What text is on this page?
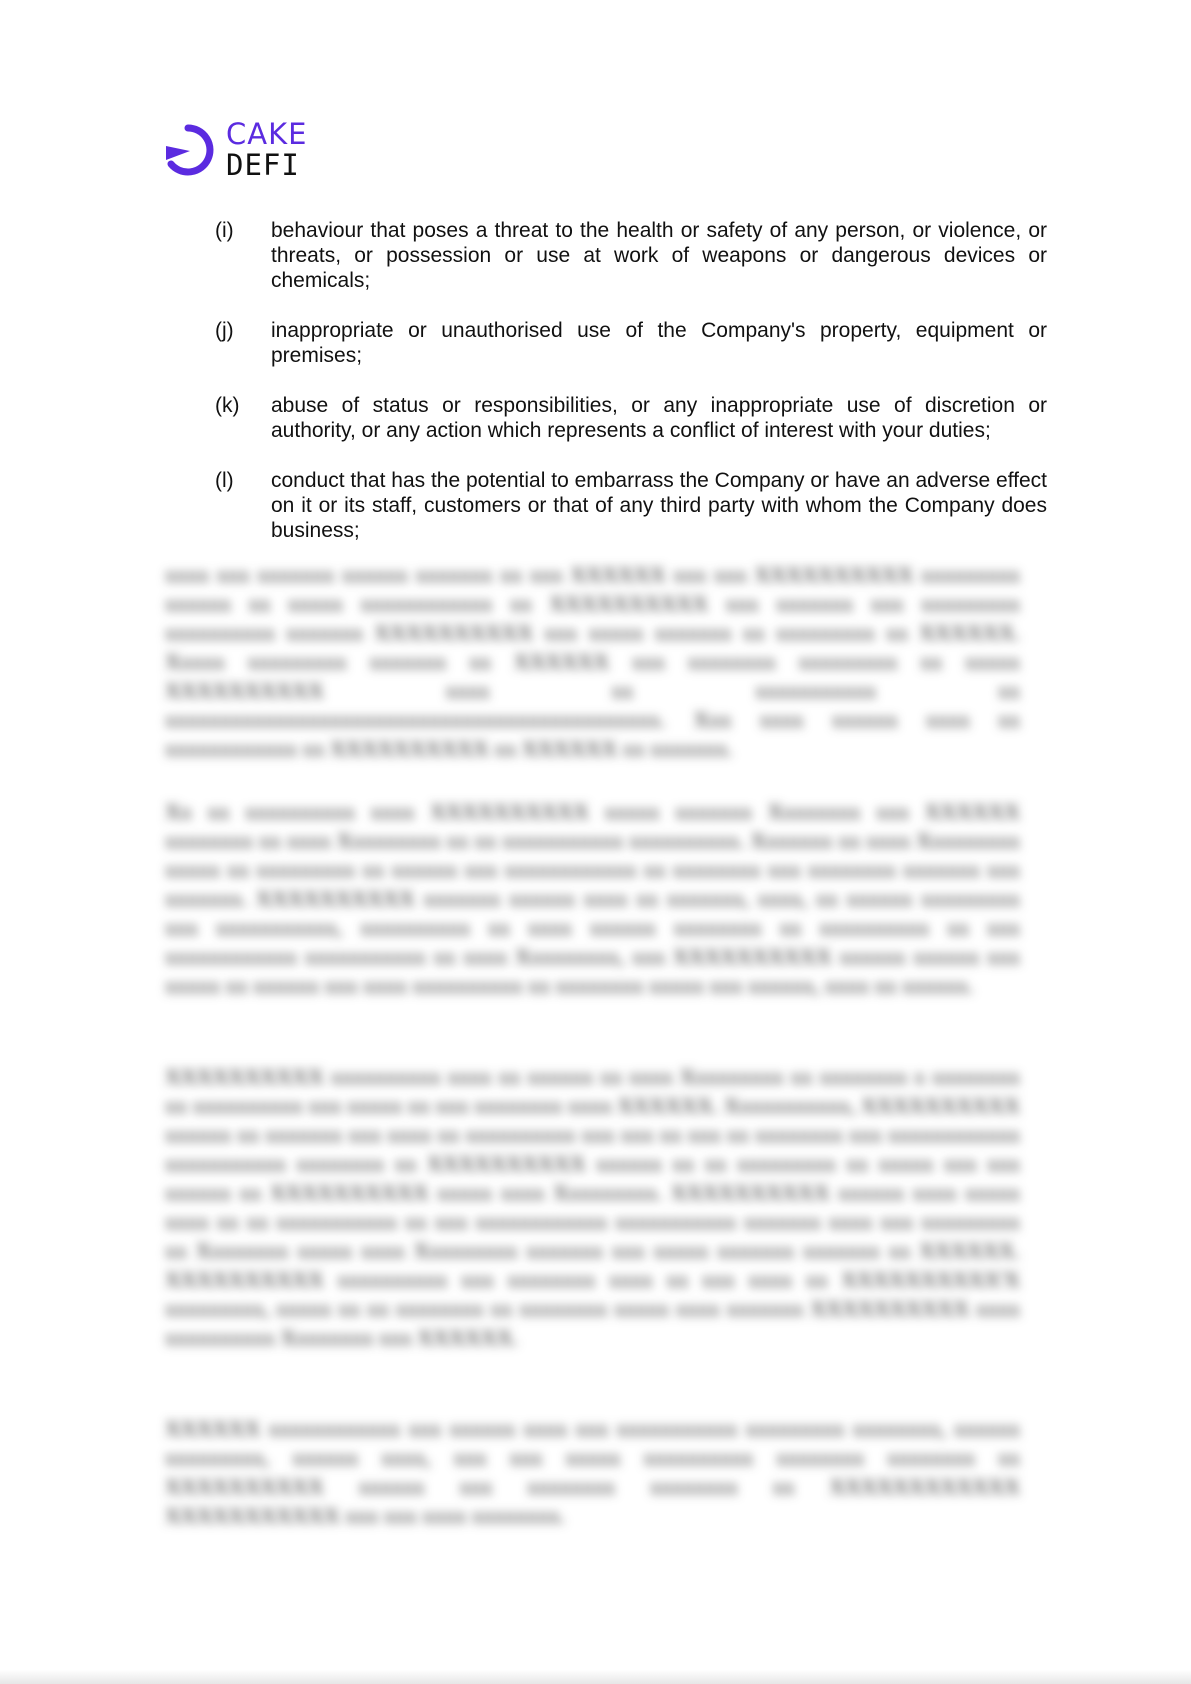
CAKE
DEFI
(i)	behaviour that poses a threat to the health or safety of any person, or violence, or threats, or possession or use at work of weapons or dangerous devices or chemicals;
(j)	inappropriate or unauthorised use of the Company's property, equipment or premises;
(k)	abuse of status or responsibilities, or any inappropriate use of discretion or authority, or any action which represents a conflict of interest with your duties;
(l)	conduct that has the potential to embarrass the Company or have an adverse effect on it or its staff, customers or that of any third party with whom the Company does business;

xxxx xxx xxxxxxx xxxxxx xxxxxxx xx xxx XXXXXX xxx xxx XXXXXXXXXX xxxxxxxxx xxxxxx xx xxxxx xxxxxxxxxxxx xx XXXXXXXXXX xxx xxxxxxx xxx xxxxxxxxx xxxxxxxxxx xxxxxxx XXXXXXXXXX xxx xxxxx xxxxxxx xx xxxxxxxxx xx XXXXXX. Xxxxx xxxxxxxxx xxxxxxx xx XXXXXX xxx xxxxxxxx xxxxxxxxx xx xxxxx XXXXXXXXXX xxxx xx xxxxxxxxxxx xx xxxxxxxxxxxxxxxxxxxxxxxxxxxxxxxxxxxxxxxxxxxxx. Xxx xxxx xxxxxx xxxx xx xxxxxxxxxxxx xx XXXXXXXXXX xx XXXXXX xx xxxxxxx.

Xx xx xxxxxxxxxx xxxx XXXXXXXXXX xxxxx xxxxxxx Xxxxxxxx xxx XXXXXX xxxxxxxx xx xxxx Xxxxxxxxx xx xx xxxxxxxxxxx xxxxxxxxxx. Xxxxxxx xx xxxx Xxxxxxxxx xxxxx xx xxxxxxxxx xx xxxxxx xxx xxxxxxxxxxxx xx xxxxxxxx xxx xxxxxxxx xxxxxxx xxx xxxxxxx. XXXXXXXXXX xxxxxxx xxxxxx xxxx xx xxxxxxx, xxxx, xx xxxxxx xxxxxxxxx xxx xxxxxxxxxxx, xxxxxxxxxx xx xxxx xxxxxx xxxxxxxx xx xxxxxxxxxx xx xxx xxxxxxxxxxxx xxxxxxxxxxx xx xxxx Xxxxxxxxx, xxx XXXXXXXXXX xxxxxx xxxxxx xxx xxxxx xx xxxxxx xxx xxxx xxxxxxxxxx xx xxxxxxxx xxxxx xxx xxxxxx, xxxx xx xxxxxx.

XXXXXXXXXX xxxxxxxxxx xxxx xx xxxxxx xx xxxx Xxxxxxxxx xx xxxxxxxx x xxxxxxxx xx xxxxxxxxxx xxx xxxxx xx xxx xxxxxxxx xxxx XXXXXX. Xxxxxxxxxxx, XXXXXXXXXX xxxxxx xx xxxxxxx xxx xxxx xx xxxxxxxxxx xxx xxx xx xxx xx xxxxxxxx xxx xxxxxxxxxxxx xxxxxxxxxxx xxxxxxxx xx XXXXXXXXXX xxxxxx xx xx xxxxxxxxx xx xxxxx xxx xxx xxxxxx xx XXXXXXXXXX xxxxx xxxx Xxxxxxxxx. XXXXXXXXXX xxxxxx xxxx xxxxx xxxx xx xx xxxxxxxxxxx xx xxx xxxxxxxxxxxx xxxxxxxxxxx xxxxxxx xxxx xxx xxxxxxxxx xx Xxxxxxxx xxxxx xxxx Xxxxxxxxx xxxxxxx xxx xxxxx xxxxxxx xxxxxxx xx XXXXXX. XXXXXXXXXX xxxxxxxxxx xxx xxxxxxxx xxxx xx xxx xxxx xx XXXXXXXXXX'X xxxxxxxxx, xxxxx xx xx xxxxxxxx xx xxxxxxxx xxxxx xxxx xxxxxxx XXXXXXXXXX xxxx xxxxxxxxxx Xxxxxxxx xxx XXXXXX.

XXXXXX xxxxxxxxxxxx xxx xxxxxx xxxx xxx xxxxxxxxxxx xxxxxxxxx xxxxxxxx, xxxxxx xxxxxxxxx, xxxxxx xxxx, xxx xxx xxxxx xxxxxxxxxx xxxxxxxx xxxxxxxx xx XXXXXXXXXX xxxxxx xxx xxxxxxxx xxxxxxxx xx XXXXXXXXXXXX XXXXXXXXXXX xxx xxx xxxx xxxxxxxx.
